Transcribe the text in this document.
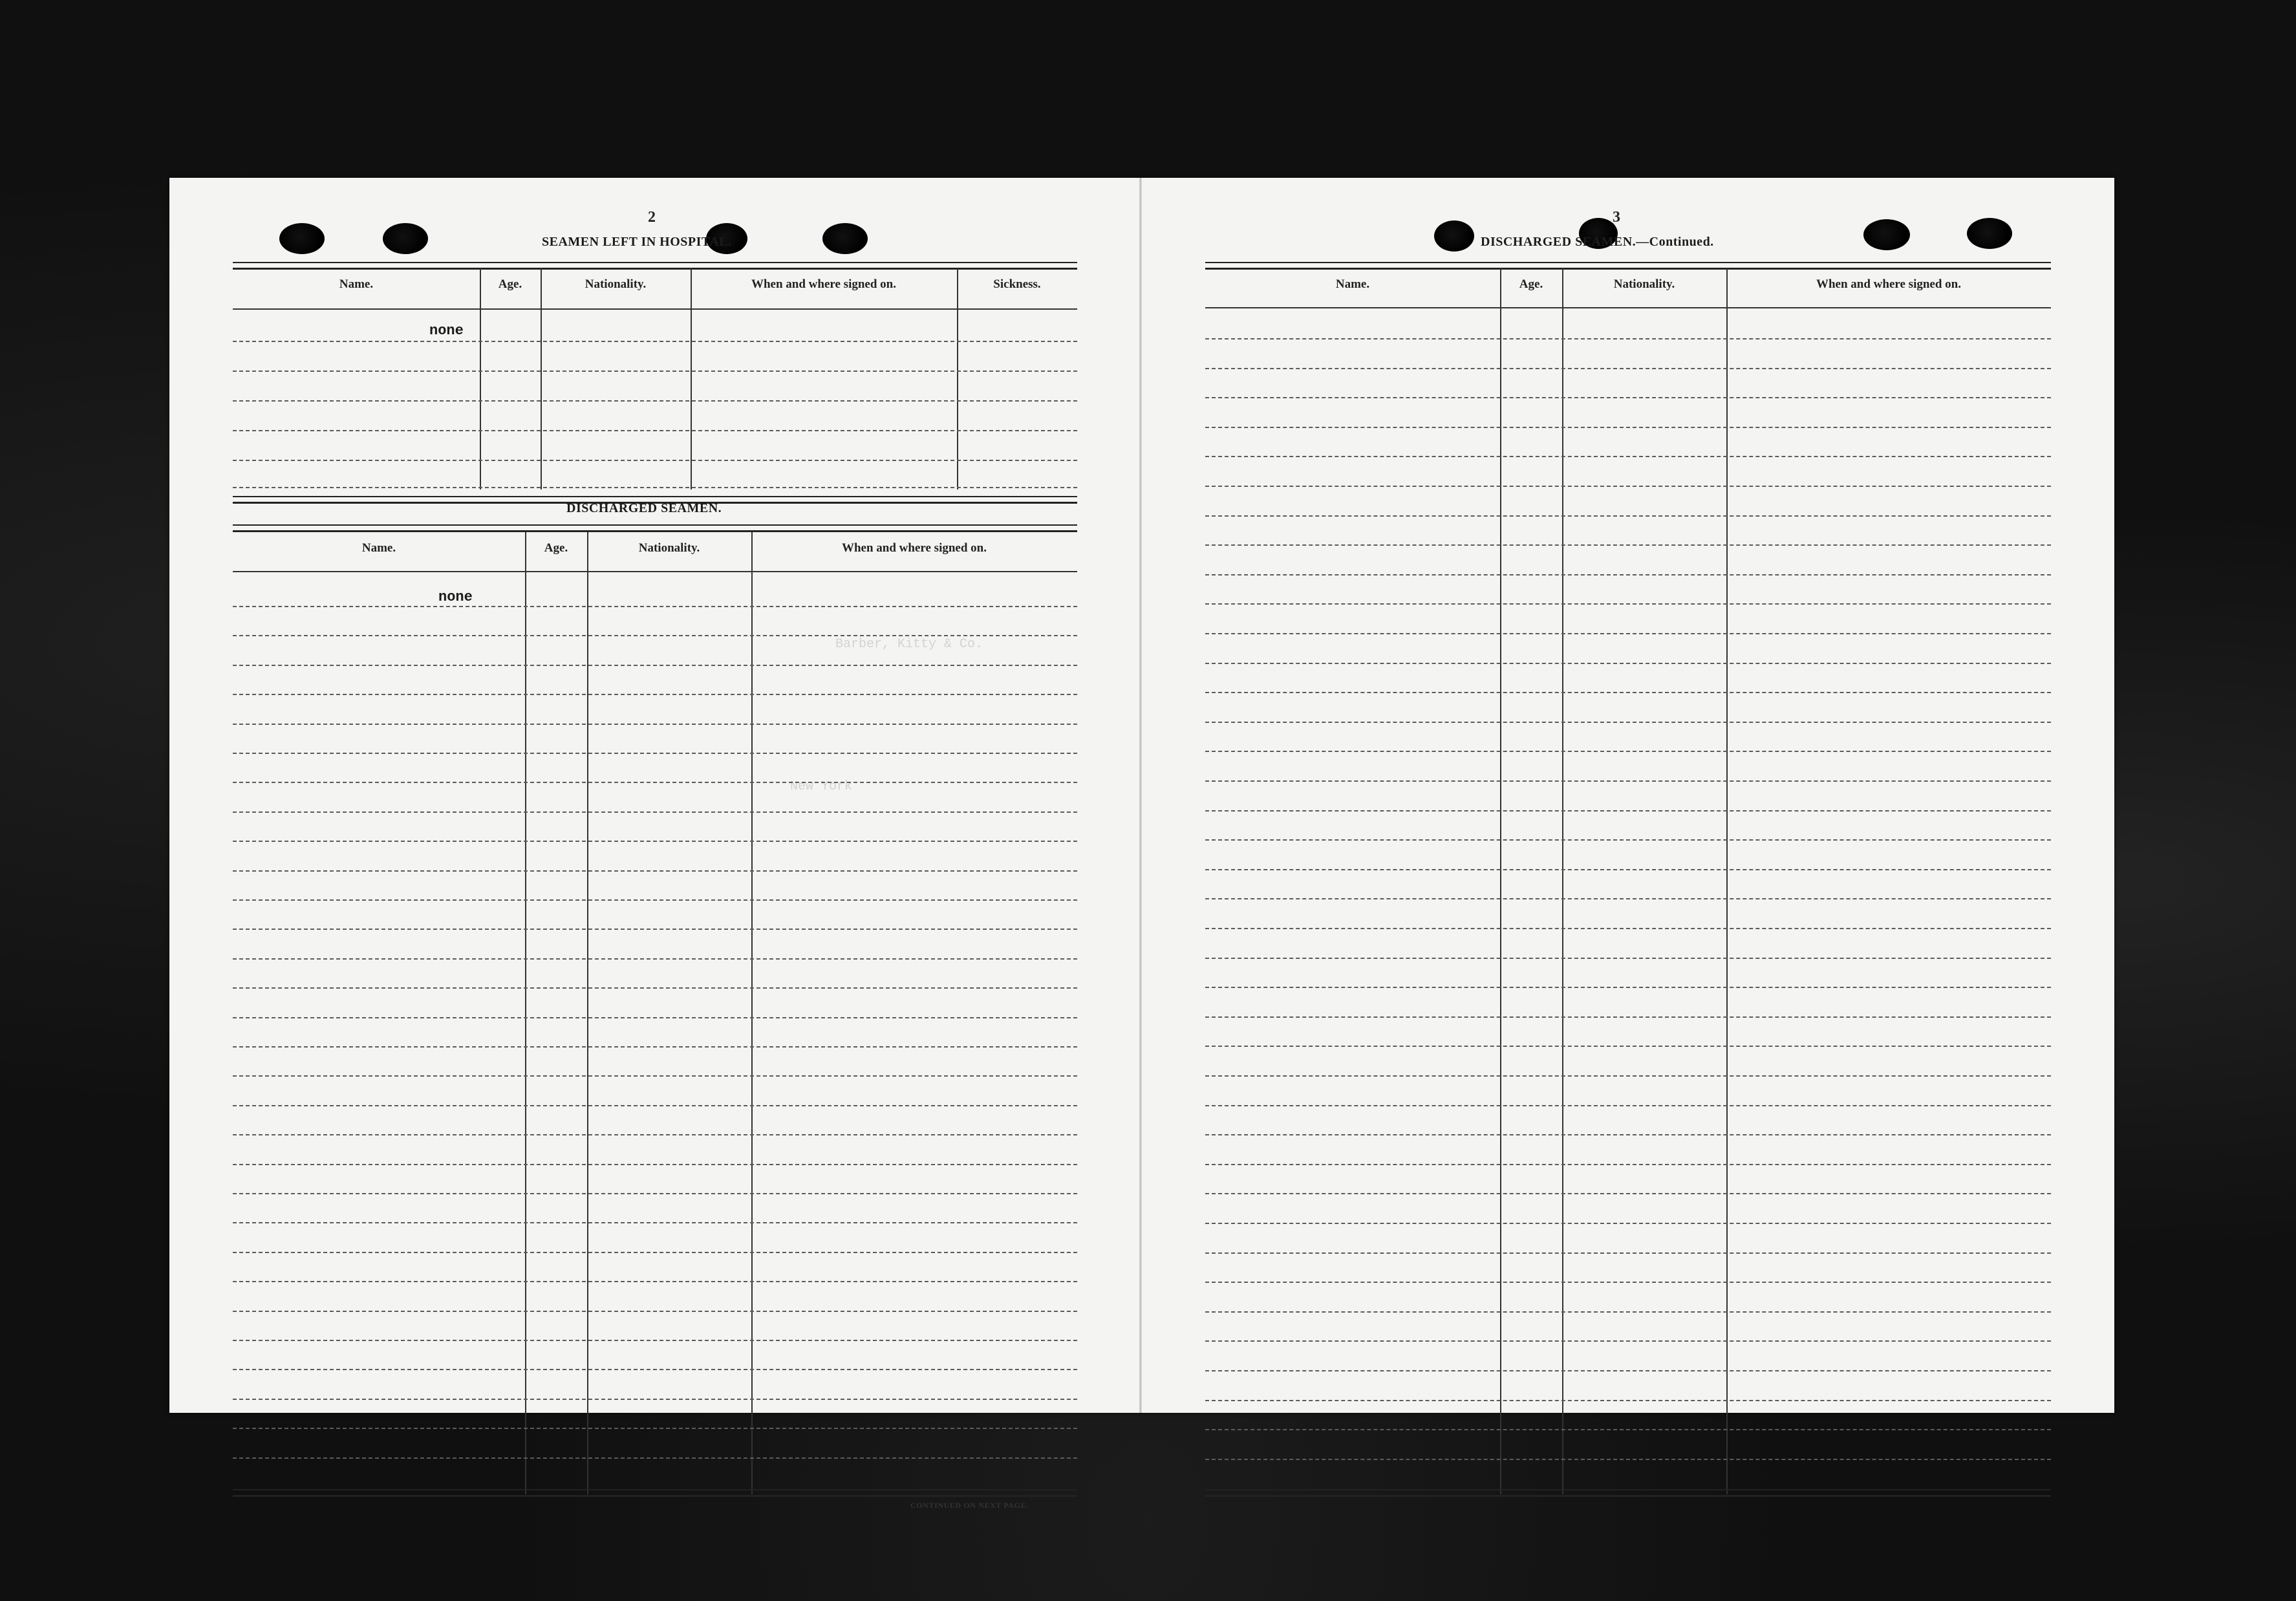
2
SEAMEN LEFT IN HOSPITAL.
Name.	Age.	Nationality.	When and where signed on.	Sickness.
none
DISCHARGED SEAMEN.
Name.	Age.	Nationality.	When and where signed on.
none
CONTINUED ON NEXT PAGE.
Barber, Kitty & Co.
New York
3
DISCHARGED SEAMEN.—Continued.
Name.	Age.	Nationality.	When and where signed on.
